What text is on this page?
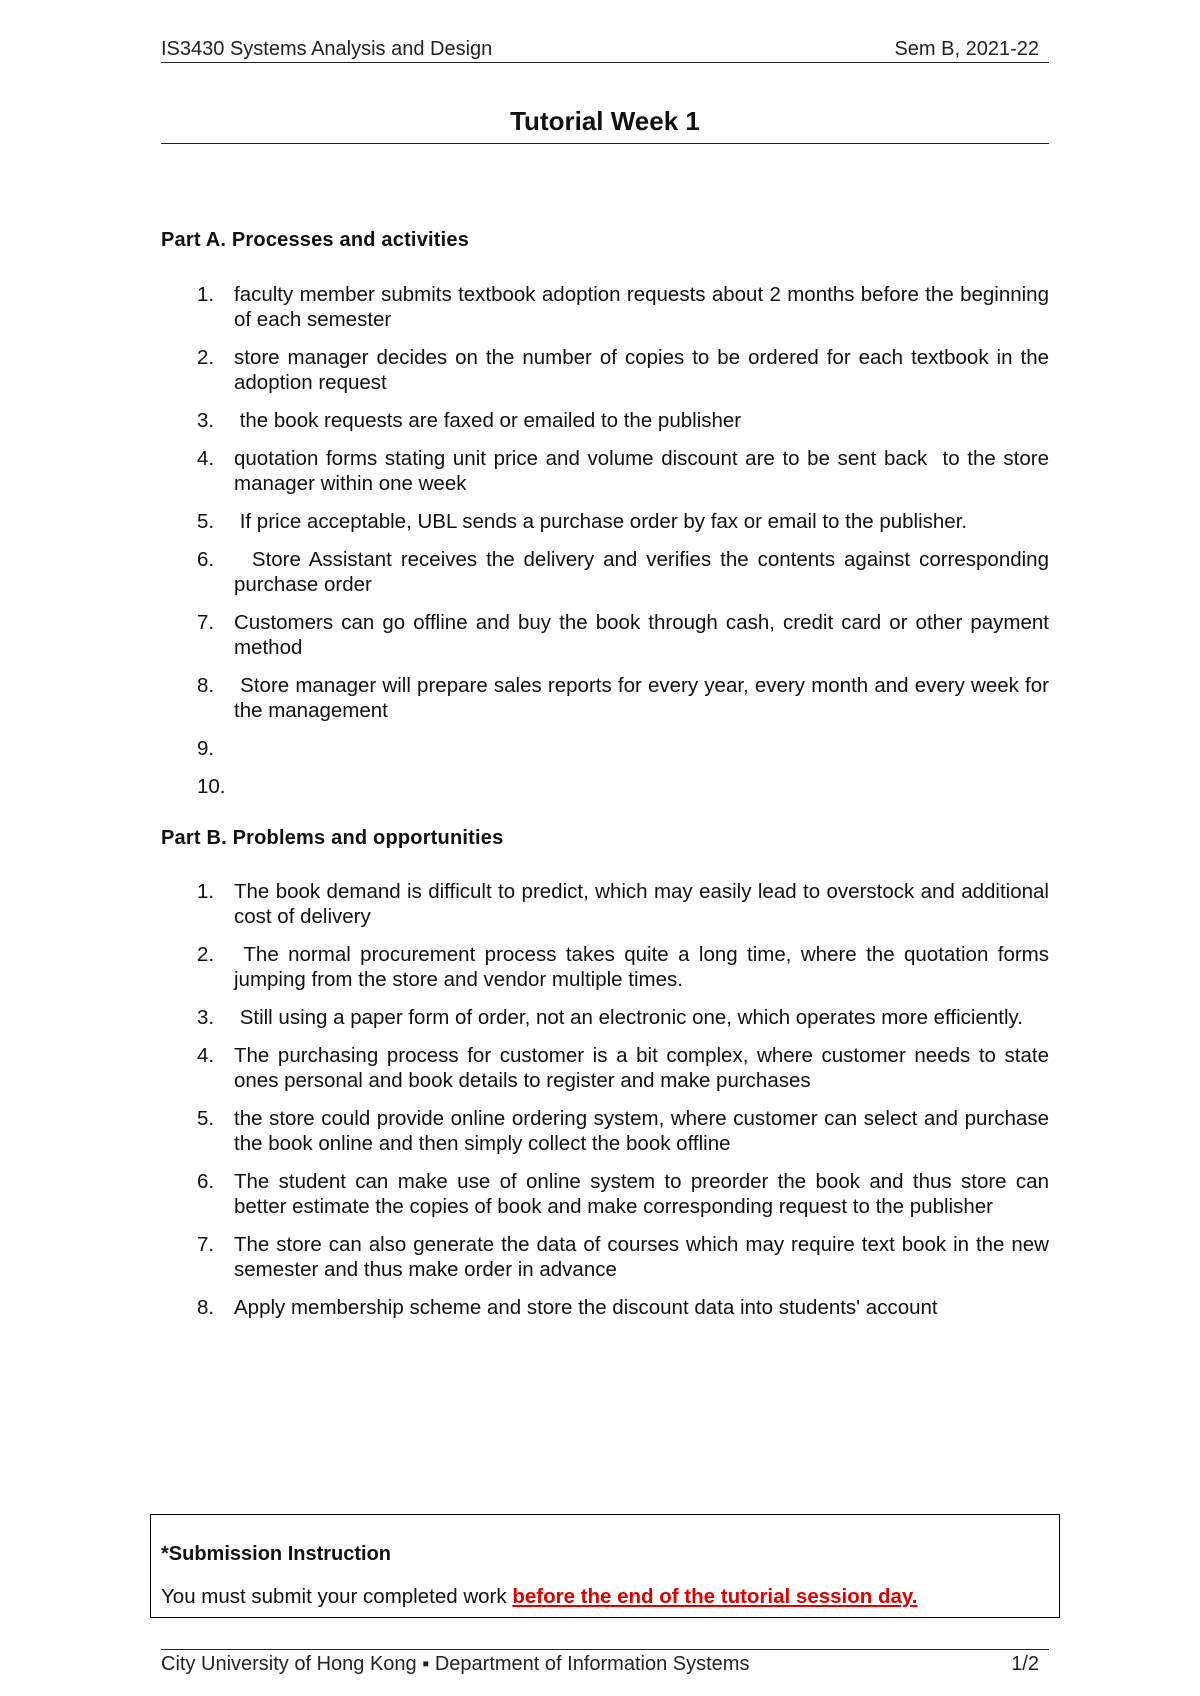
IS3430 Systems Analysis and Design	Sem B, 2021-22
Tutorial Week 1
Part A. Processes and activities
1. faculty member submits textbook adoption requests about 2 months before the beginning of each semester
2. store manager decides on the number of copies to be ordered for each textbook in the adoption request
3. the book requests are faxed or emailed to the publisher
4. quotation forms stating unit price and volume discount are to be sent back  to the store manager within one week
5. If price acceptable, UBL sends a purchase order by fax or email to the publisher.
6. Store Assistant receives the delivery and verifies the contents against corresponding purchase order
7. Customers can go offline and buy the book through cash, credit card or other payment method
8. Store manager will prepare sales reports for every year, every month and every week for the management
9.
10.
Part B. Problems and opportunities
1. The book demand is difficult to predict, which may easily lead to overstock and additional cost of delivery
2. The normal procurement process takes quite a long time, where the quotation forms jumping from the store and vendor multiple times.
3. Still using a paper form of order, not an electronic one, which operates more efficiently.
4. The purchasing process for customer is a bit complex, where customer needs to state ones personal and book details to register and make purchases
5. the store could provide online ordering system, where customer can select and purchase the book online and then simply collect the book offline
6. The student can make use of online system to preorder the book and thus store can better estimate the copies of book and make corresponding request to the publisher
7. The store can also generate the data of courses which may require text book in the new semester and thus make order in advance
8. Apply membership scheme and store the discount data into students' account
*Submission Instruction
You must submit your completed work before the end of the tutorial session day.
City University of Hong Kong ▪ Department of Information Systems	1/2
